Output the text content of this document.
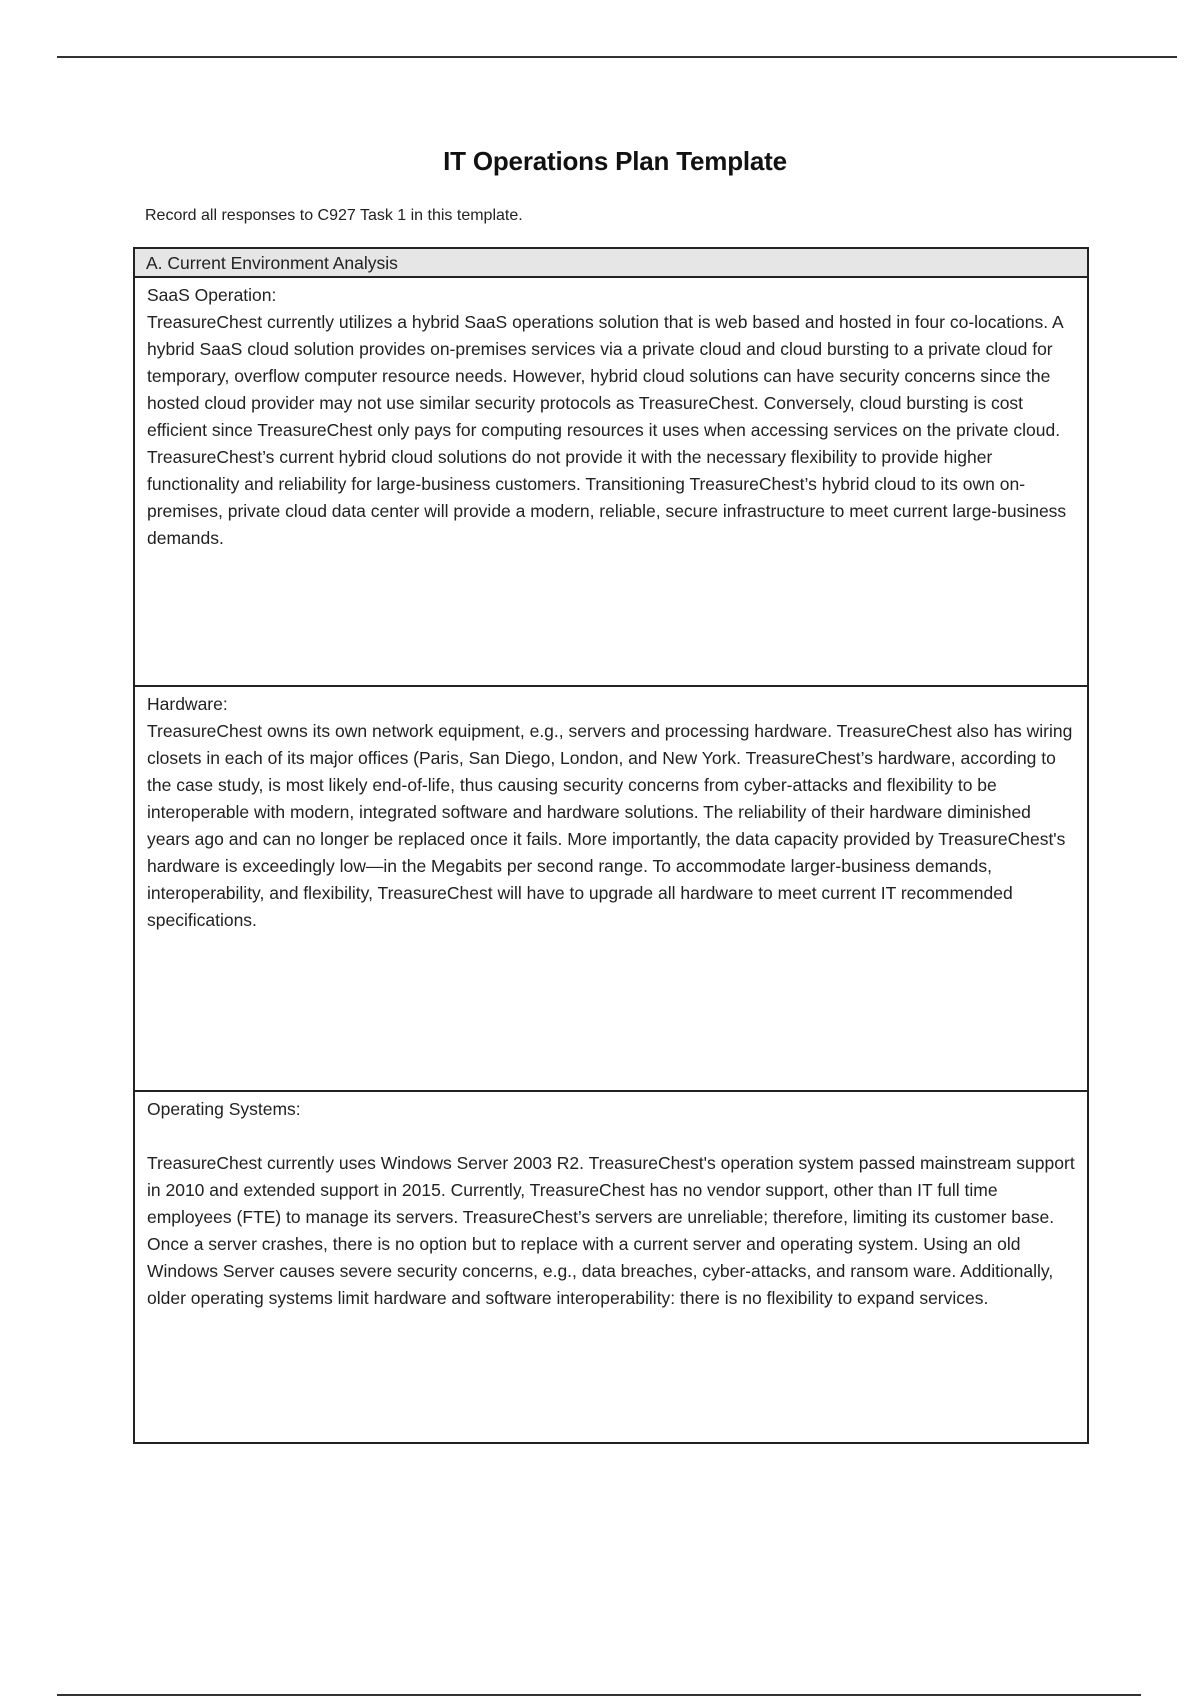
IT Operations Plan Template
Record all responses to C927 Task 1 in this template.
A. Current Environment Analysis
SaaS Operation:
TreasureChest currently utilizes a hybrid SaaS operations solution that is web based and hosted in four co-locations. A hybrid SaaS cloud solution provides on-premises services via a private cloud and cloud bursting to a private cloud for temporary, overflow computer resource needs. However, hybrid cloud solutions can have security concerns since the hosted cloud provider may not use similar security protocols as TreasureChest. Conversely, cloud bursting is cost efficient since TreasureChest only pays for computing resources it uses when accessing services on the private cloud. TreasureChest’s current hybrid cloud solutions do not provide it with the necessary flexibility to provide higher functionality and reliability for large-business customers. Transitioning TreasureChest’s hybrid cloud to its own on-premises, private cloud data center will provide a modern, reliable, secure infrastructure to meet current large-business demands.
Hardware:
TreasureChest owns its own network equipment, e.g., servers and processing hardware. TreasureChest also has wiring closets in each of its major offices (Paris, San Diego, London, and New York. TreasureChest’s hardware, according to the case study, is most likely end-of-life, thus causing security concerns from cyber-attacks and flexibility to be interoperable with modern, integrated software and hardware solutions. The reliability of their hardware diminished years ago and can no longer be replaced once it fails. More importantly, the data capacity provided by TreasureChest's hardware is exceedingly low—in the Megabits per second range. To accommodate larger-business demands, interoperability, and flexibility, TreasureChest will have to upgrade all hardware to meet current IT recommended specifications.
Operating Systems:
TreasureChest currently uses Windows Server 2003 R2. TreasureChest's operation system passed mainstream support in 2010 and extended support in 2015. Currently, TreasureChest has no vendor support, other than IT full time employees (FTE) to manage its servers. TreasureChest’s servers are unreliable; therefore, limiting its customer base. Once a server crashes, there is no option but to replace with a current server and operating system. Using an old Windows Server causes severe security concerns, e.g., data breaches, cyber-attacks, and ransom ware. Additionally, older operating systems limit hardware and software interoperability: there is no flexibility to expand services.
